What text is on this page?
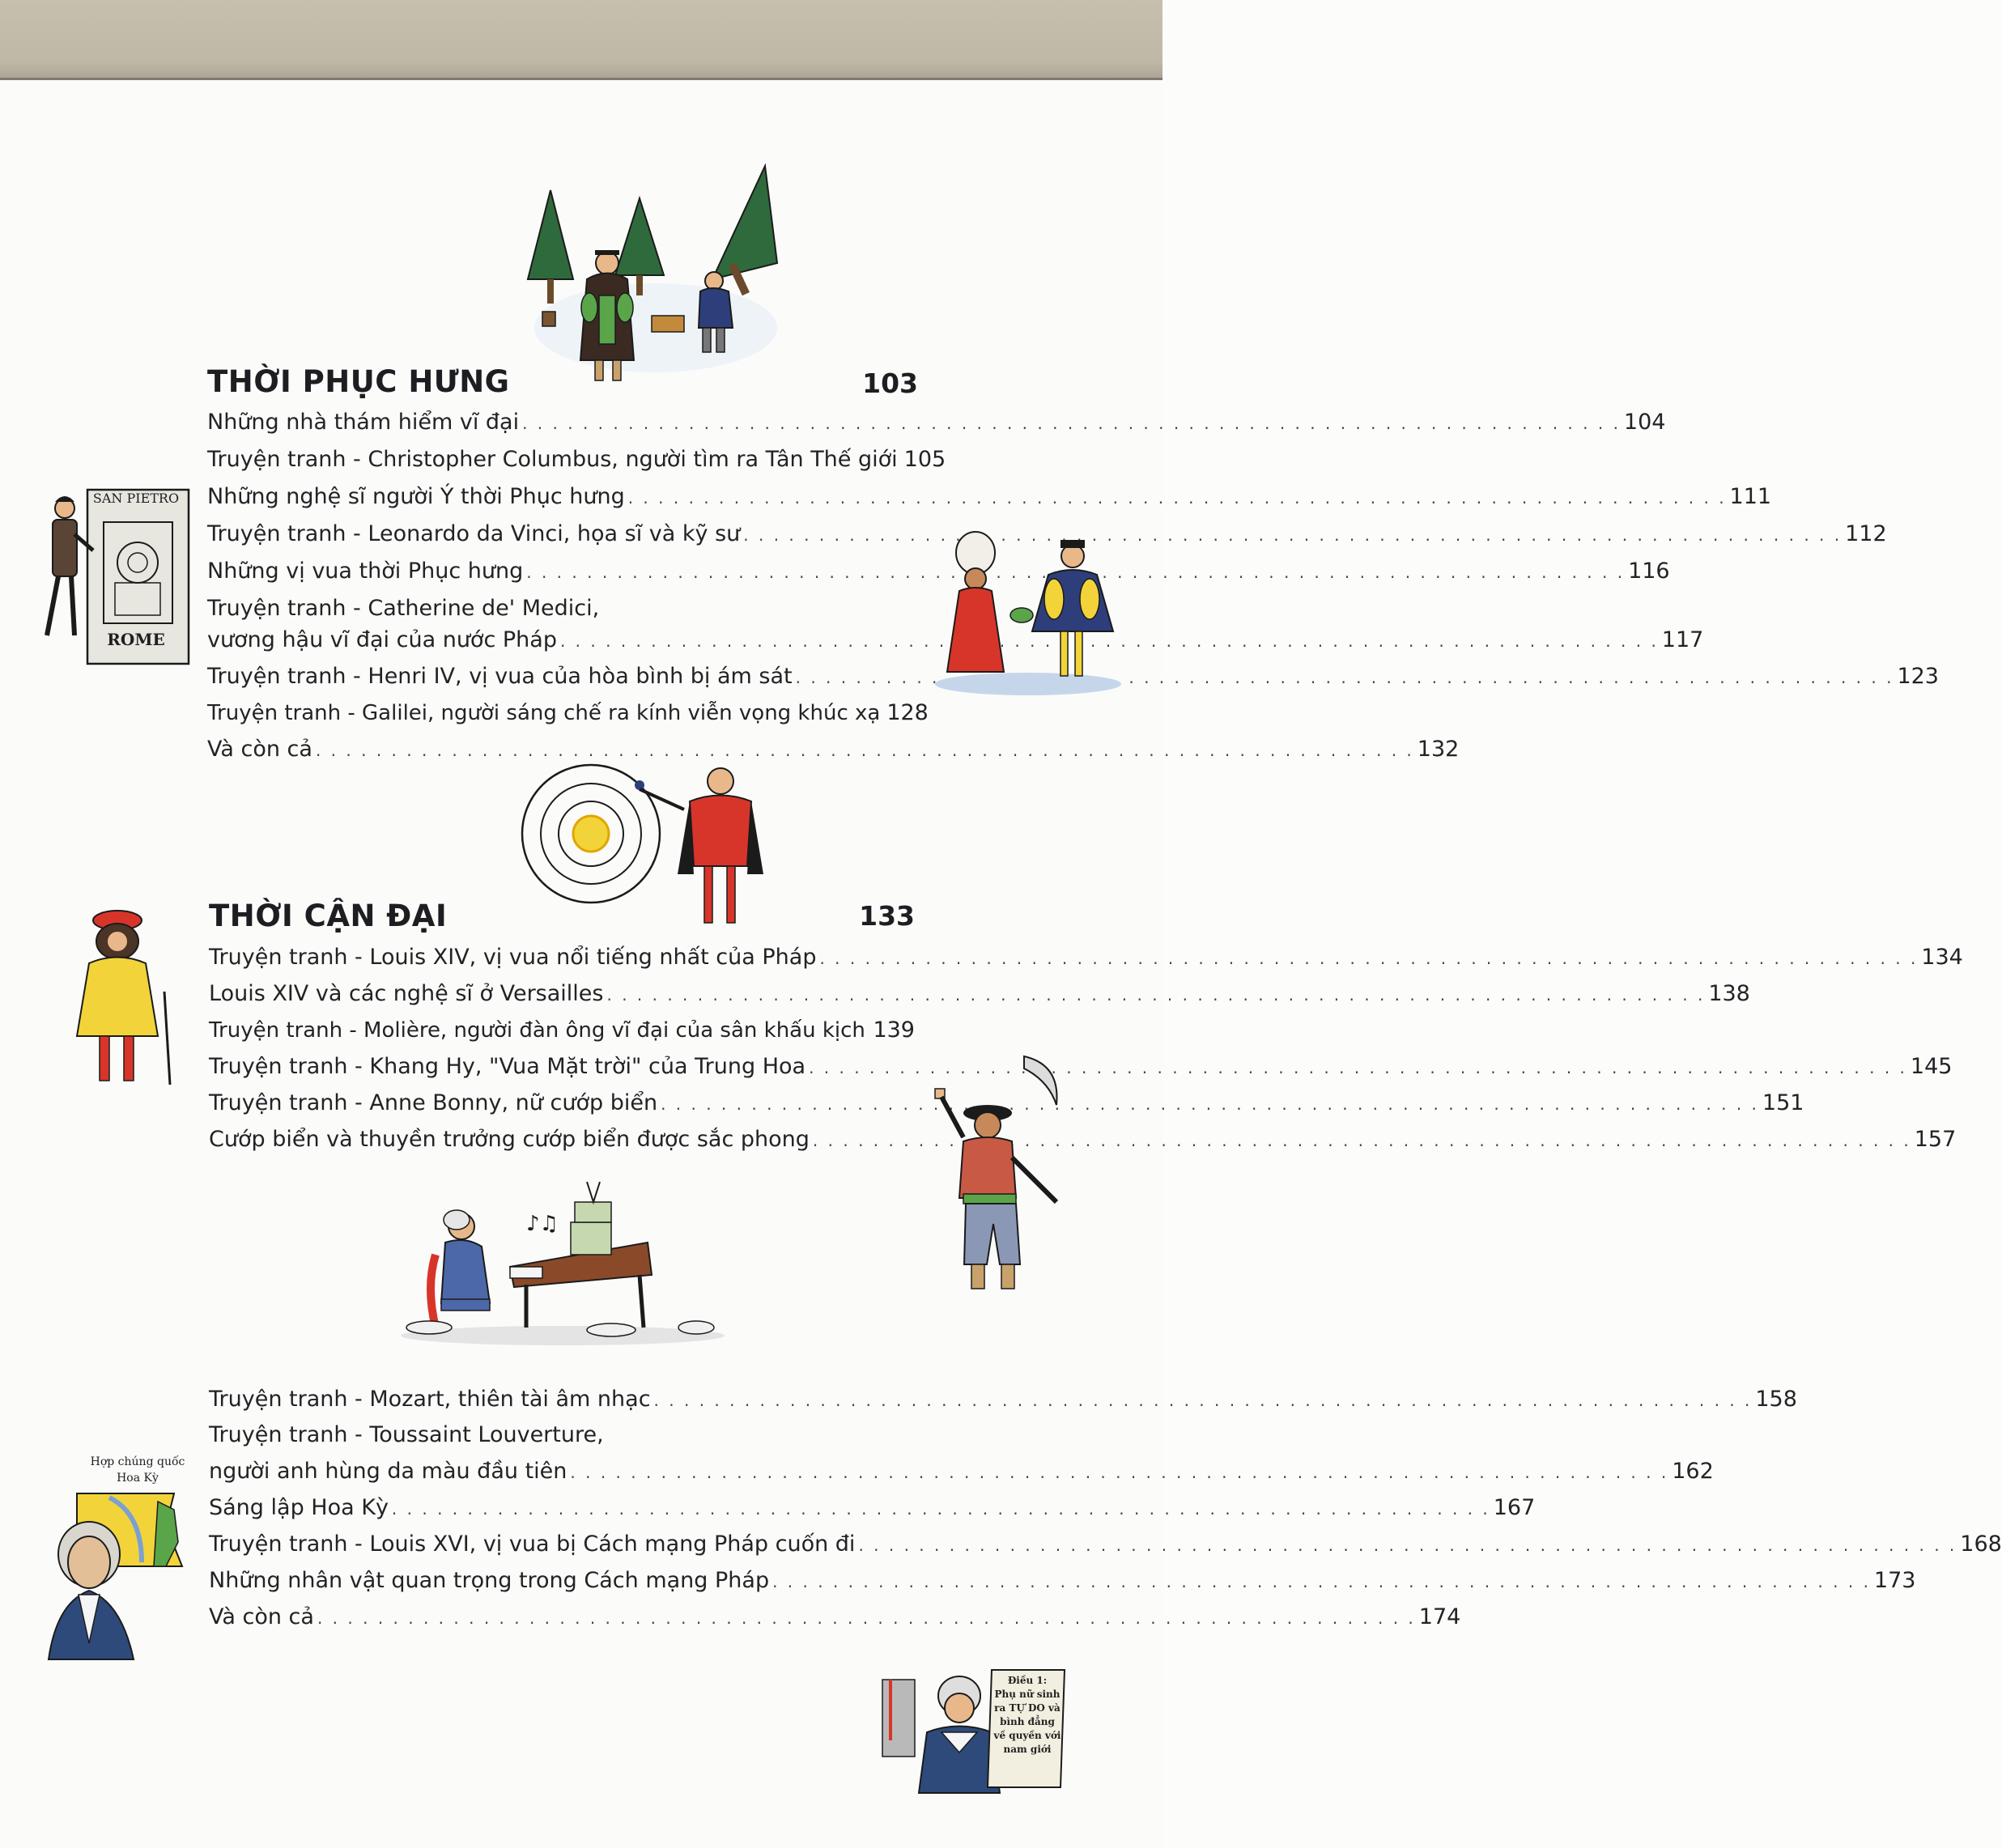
THỜI PHỤC HƯNG	103
Những nhà thám hiểm vĩ đại . . .	104
Truyện tranh - Christopher Columbus, người tìm ra Tân Thế giới 105
Những nghệ sĩ người Ý thời Phục hưng . . .	111
Truyện tranh - Leonardo da Vinci, họa sĩ và kỹ sư . . .	112
Những vị vua thời Phục hưng . . .	116
Truyện tranh - Catherine de' Medici,
vương hậu vĩ đại của nước Pháp . . .	117
Truyện tranh - Henri IV, vị vua của hòa bình bị ám sát . . .	123
Truyện tranh - Galilei, người sáng chế ra kính viễn vọng khúc xạ 128
Và còn cả . . .	132
THỜI CẬN ĐẠI	133
Truyện tranh - Louis XIV, vị vua nổi tiếng nhất của Pháp . . .	134
Louis XIV và các nghệ sĩ ở Versailles . . .	138
Truyện tranh - Molière, người đàn ông vĩ đại của sân khấu kịch . . . 139
Truyện tranh - Khang Hy, "Vua Mặt trời" của Trung Hoa . . .	145
Truyện tranh - Anne Bonny, nữ cướp biển . . .	151
Cướp biển và thuyền trưởng cướp biển được sắc phong . . .	157
Truyện tranh - Mozart, thiên tài âm nhạc . . .	158
Truyện tranh - Toussaint Louverture,
người anh hùng da màu đầu tiên . . .	162
Sáng lập Hoa Kỳ . . .	167
Truyện tranh - Louis XVI, vị vua bị Cách mạng Pháp cuốn đi . . .	168
Những nhân vật quan trọng trong Cách mạng Pháp . . .	173
Và còn cả . . .	174
SAN PIETRO
ROME
♪♫
Hợp chúng quốc
Hoa Kỳ
Điều 1:
Phụ nữ sinh
ra TỰ DO và
bình đẳng
về quyền với
nam giới
